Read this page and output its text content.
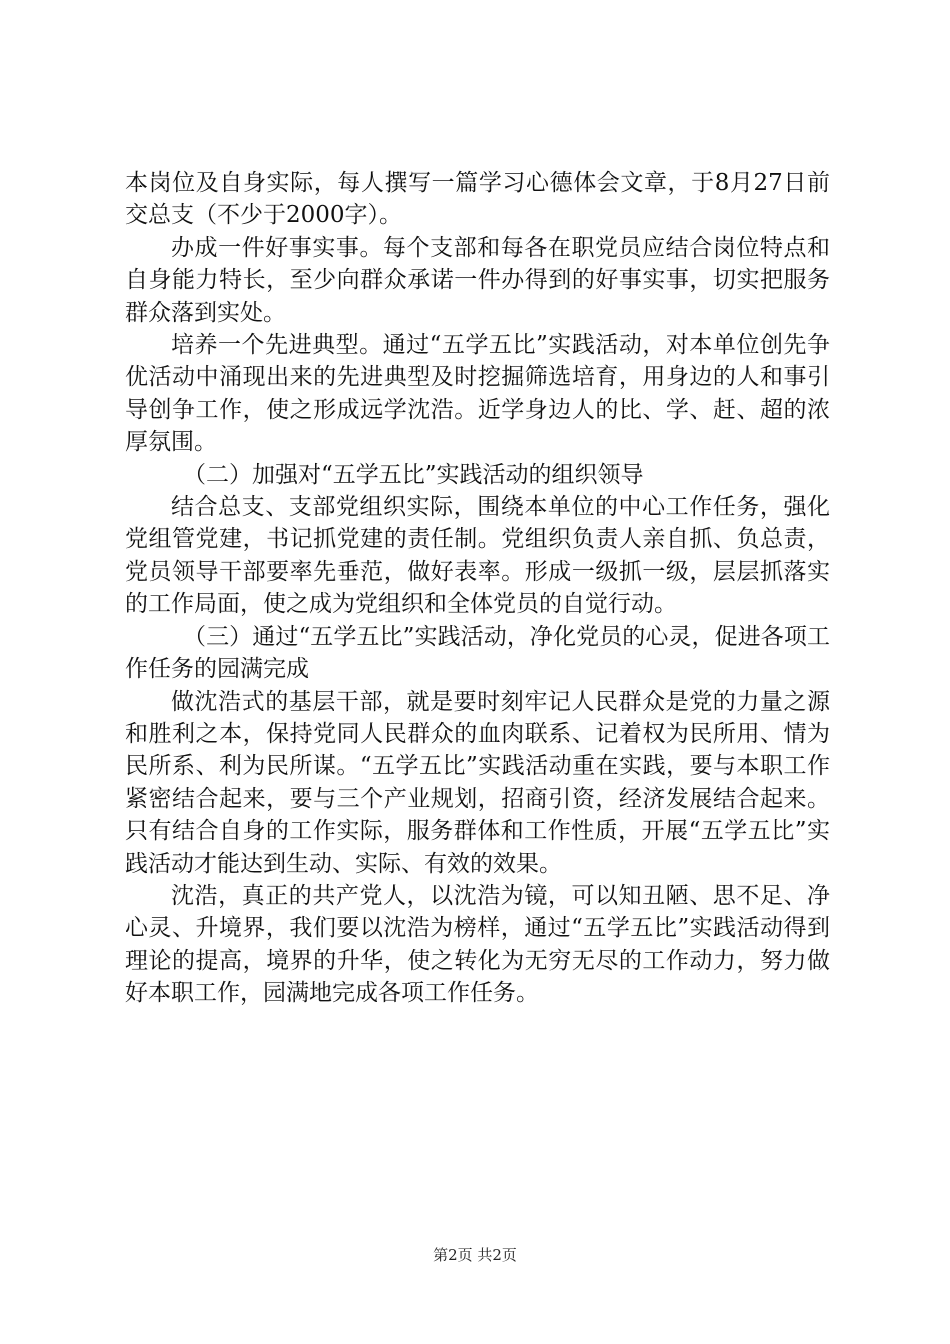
本岗位及自身实际，每人撰写一篇学习心德体会文章，于8月27日前交总支（不少于2000字）。

办成一件好事实事。每个支部和每各在职党员应结合岗位特点和自身能力特长，至少向群众承诺一件办得到的好事实事，切实把服务群众落到实处。

培养一个先进典型。通过“五学五比”实践活动，对本单位创先争优活动中涌现出来的先进典型及时挖掘筛选培育，用身边的人和事引导创争工作，使之形成远学沈浩。近学身边人的比、学、赶、超的浓厚氛围。

（二）加强对“五学五比”实践活动的组织领导

结合总支、支部党组织实际，围绕本单位的中心工作任务，强化党组管党建，书记抓党建的责任制。党组织负责人亲自抓、负总责，党员领导干部要率先垂范，做好表率。形成一级抓一级，层层抓落实的工作局面，使之成为党组织和全体党员的自觉行动。

（三）通过“五学五比”实践活动，净化党员的心灵，促进各项工作任务的园满完成

做沈浩式的基层干部，就是要时刻牢记人民群众是党的力量之源和胜利之本，保持党同人民群众的血肉联系、记着权为民所用、情为民所系、利为民所谋。“五学五比”实践活动重在实践，要与本职工作紧密结合起来，要与三个产业规划，招商引资，经济发展结合起来。只有结合自身的工作实际，服务群体和工作性质，开展“五学五比”实践活动才能达到生动、实际、有效的效果。

沈浩，真正的共产党人，以沈浩为镜，可以知丑陋、思不足、净心灵、升境界，我们要以沈浩为榜样，通过“五学五比”实践活动得到理论的提高，境界的升华，使之转化为无穷无尽的工作动力，努力做好本职工作，园满地完成各项工作任务。

第2页 共2页
